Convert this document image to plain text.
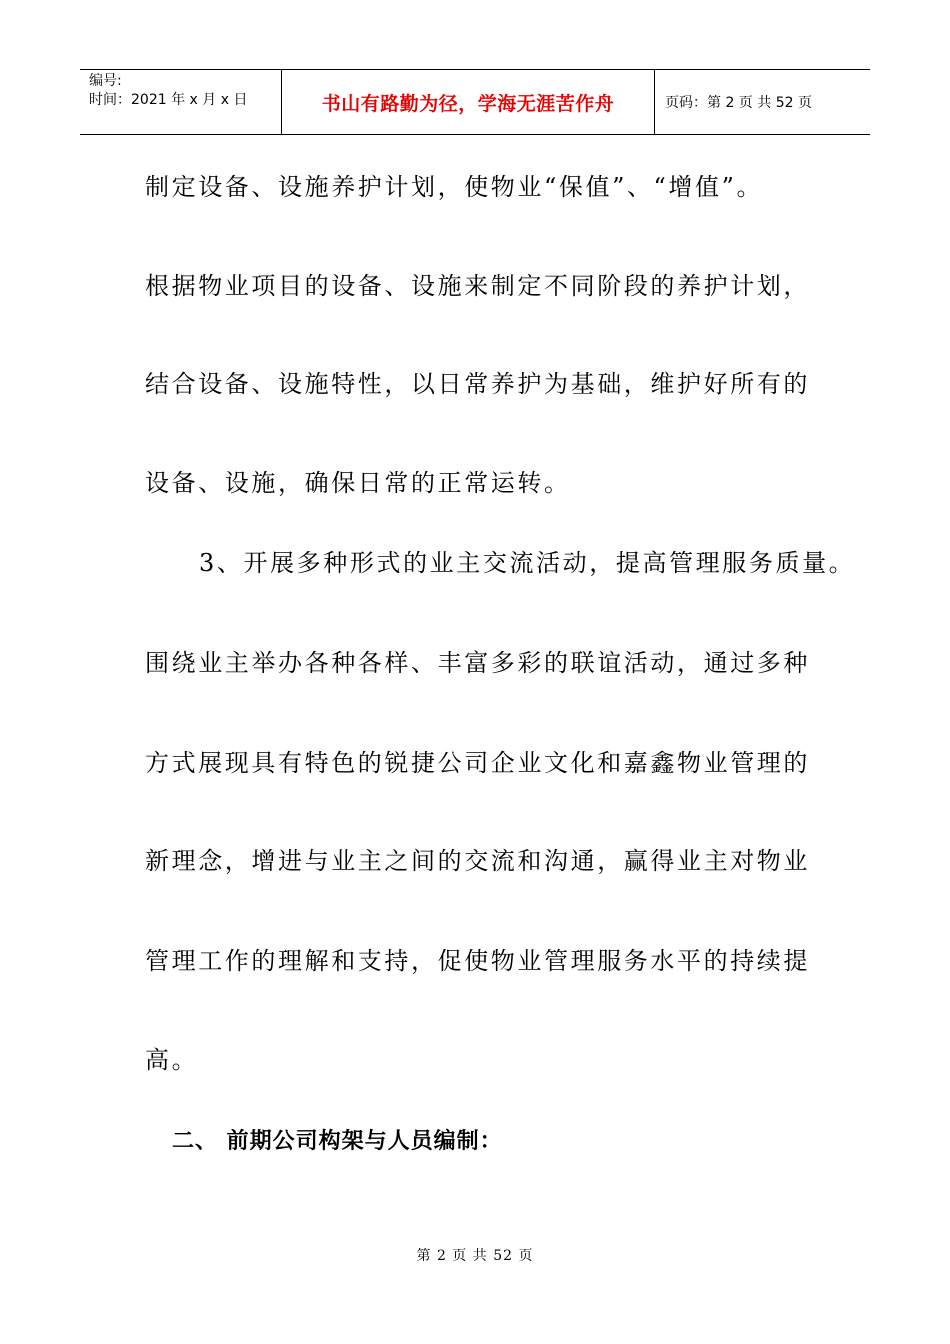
编号:
时间：2021 年 x 月 x 日	书山有路勤为径，学海无涯苦作舟	页码：第 2 页 共 52 页
制定设备、设施养护计划，使物业“保值”、“增值”。
根据物业项目的设备、设施来制定不同阶段的养护计划，
结合设备、设施特性，以日常养护为基础，维护好所有的
设备、设施，确保日常的正常运转。
3、开展多种形式的业主交流活动，提高管理服务质量。
围绕业主举办各种各样、丰富多彩的联谊活动，通过多种
方式展现具有特色的锐捷公司企业文化和嘉鑫物业管理的
新理念，增进与业主之间的交流和沟通，赢得业主对物业
管理工作的理解和支持，促使物业管理服务水平的持续提
高。
二、 前期公司构架与人员编制：
第 2 页 共 52 页
